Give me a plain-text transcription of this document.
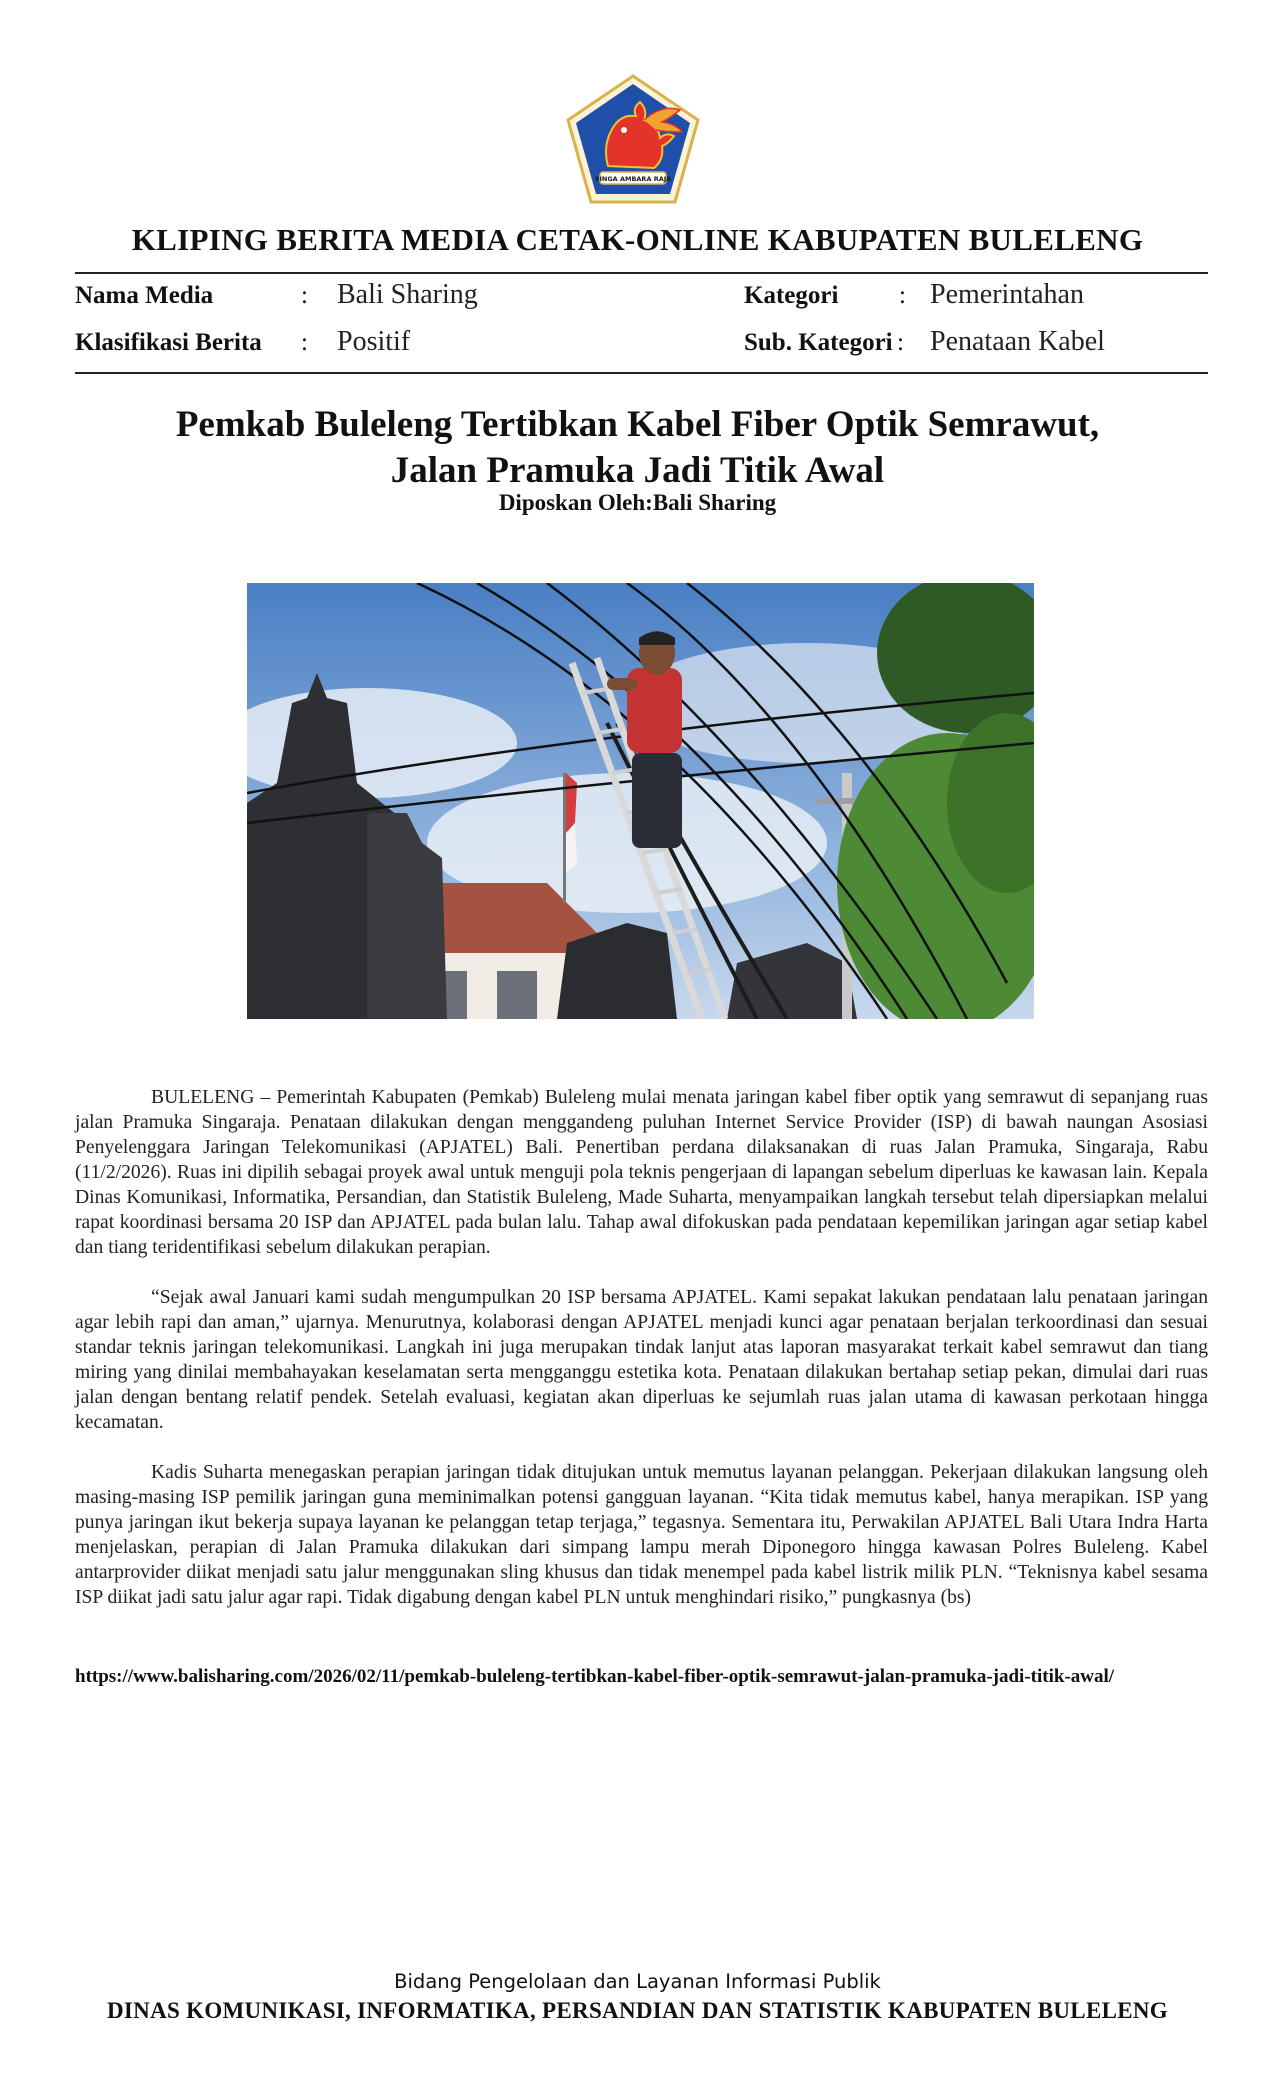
SINGA AMBARA RAJA
KLIPING BERITA MEDIA CETAK-ONLINE KABUPATEN BULELENG
Nama Media	: Bali Sharing	Kategori : Pemerintahan
Klasifikasi Berita : Positif	Sub. Kategori : Penataan Kabel
Pemkab Buleleng Tertibkan Kabel Fiber Optik Semrawut,
Jalan Pramuka Jadi Titik Awal
Diposkan Oleh:Bali Sharing

BULELENG – Pemerintah Kabupaten (Pemkab) Buleleng mulai menata jaringan kabel fiber optik yang semrawut di sepanjang ruas jalan Pramuka Singaraja. Penataan dilakukan dengan menggandeng puluhan Internet Service Provider (ISP) di bawah naungan Asosiasi Penyelenggara Jaringan Telekomunikasi (APJATEL) Bali. Penertiban perdana dilaksanakan di ruas Jalan Pramuka, Singaraja, Rabu (11/2/2026). Ruas ini dipilih sebagai proyek awal untuk menguji pola teknis pengerjaan di lapangan sebelum diperluas ke kawasan lain. Kepala Dinas Komunikasi, Informatika, Persandian, dan Statistik Buleleng, Made Suharta, menyampaikan langkah tersebut telah dipersiapkan melalui rapat koordinasi bersama 20 ISP dan APJATEL pada bulan lalu. Tahap awal difokuskan pada pendataan kepemilikan jaringan agar setiap kabel dan tiang teridentifikasi sebelum dilakukan perapian.

“Sejak awal Januari kami sudah mengumpulkan 20 ISP bersama APJATEL. Kami sepakat lakukan pendataan lalu penataan jaringan agar lebih rapi dan aman,” ujarnya. Menurutnya, kolaborasi dengan APJATEL menjadi kunci agar penataan berjalan terkoordinasi dan sesuai standar teknis jaringan telekomunikasi. Langkah ini juga merupakan tindak lanjut atas laporan masyarakat terkait kabel semrawut dan tiang miring yang dinilai membahayakan keselamatan serta mengganggu estetika kota. Penataan dilakukan bertahap setiap pekan, dimulai dari ruas jalan dengan bentang relatif pendek. Setelah evaluasi, kegiatan akan diperluas ke sejumlah ruas jalan utama di kawasan perkotaan hingga kecamatan.

Kadis Suharta menegaskan perapian jaringan tidak ditujukan untuk memutus layanan pelanggan. Pekerjaan dilakukan langsung oleh masing-masing ISP pemilik jaringan guna meminimalkan potensi gangguan layanan. “Kita tidak memutus kabel, hanya merapikan. ISP yang punya jaringan ikut bekerja supaya layanan ke pelanggan tetap terjaga,” tegasnya. Sementara itu, Perwakilan APJATEL Bali Utara Indra Harta menjelaskan, perapian di Jalan Pramuka dilakukan dari simpang lampu merah Diponegoro hingga kawasan Polres Buleleng. Kabel antarprovider diikat menjadi satu jalur menggunakan sling khusus dan tidak menempel pada kabel listrik milik PLN. “Teknisnya kabel sesama ISP diikat jadi satu jalur agar rapi. Tidak digabung dengan kabel PLN untuk menghindari risiko,” pungkasnya (bs)

https://www.balisharing.com/2026/02/11/pemkab-buleleng-tertibkan-kabel-fiber-optik-semrawut-jalan-pramuka-jadi-titik-awal/
Bidang Pengelolaan dan Layanan Informasi Publik
DINAS KOMUNIKASI, INFORMATIKA, PERSANDIAN DAN STATISTIK KABUPATEN BULELENG
